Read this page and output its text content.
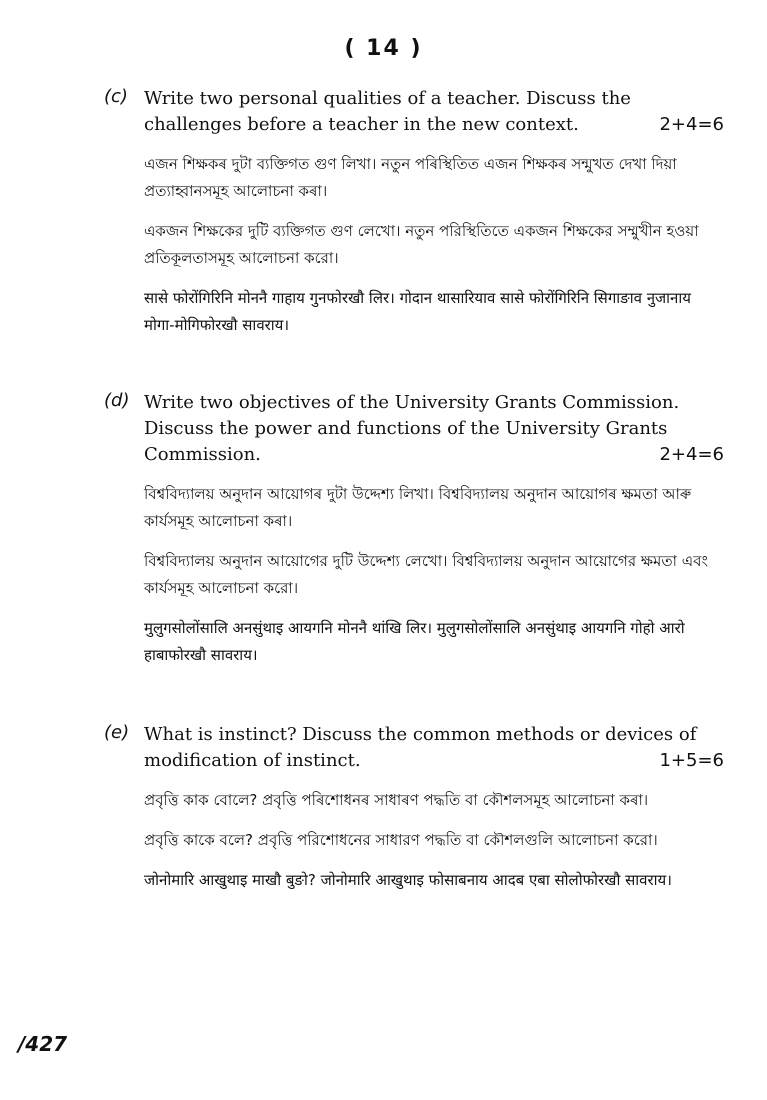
( 14 )
(c) Write two personal qualities of a teacher. Discuss the challenges before a teacher in the new context.	2+4=6

এজন শিক্ষকৰ দুটা ব্যক্তিগত গুণ লিখা। নতুন পৰিস্থিতিত এজন শিক্ষকৰ সন্মুখত দেখা দিয়া প্ৰত্যাহ্বানসমূহ আলোচনা কৰা।

একজন শিক্ষকের দুটি ব্যক্তিগত গুণ লেখো। নতুন পরিস্থিতিতে একজন শিক্ষকের সম্মুখীন হওয়া প্রতিকূলতাসমূহ আলোচনা করো।

सासे फोरोंगिरिनि मोननै गाहाय गुनफोरखौ लिर। गोदान थासारियाव सासे फोरोंगिरिनि सिगाङाव नुजानाय मोगा-मोगिफोरखौ सावराय।

(d) Write two objectives of the University Grants Commission. Discuss the power and functions of the University Grants Commission.	2+4=6

বিশ্ববিদ্যালয় অনুদান আয়োগৰ দুটা উদ্দেশ্য লিখা। বিশ্ববিদ্যালয় অনুদান আয়োগৰ ক্ষমতা আৰু কাৰ্যসমূহ আলোচনা কৰা।

বিশ্ববিদ্যালয় অনুদান আয়োগের দুটি উদ্দেশ্য লেখো। বিশ্ববিদ্যালয় অনুদান আয়োগের ক্ষমতা এবং কার্যসমূহ আলোচনা করো।

मुलुगसोलोंसालि अनसुंथाइ आयगनि मोननै थांखि लिर। मुलुगसोलोंसालि अनसुंथाइ आयगनि गोहो आरो हाबाफोरखौ सावराय।

(e) What is instinct? Discuss the common methods or devices of modification of instinct.	1+5=6

প্ৰবৃত্তি কাক বোলে? প্ৰবৃত্তি পৰিশোধনৰ সাধাৰণ পদ্ধতি বা কৌশলসমূহ আলোচনা কৰা।

প্রবৃত্তি কাকে বলে? প্রবৃত্তি পরিশোধনের সাধারণ পদ্ধতি বা কৌশলগুলি আলোচনা করো।

जोनोमारि आखुथाइ माखौ बुङो? जोनोमारि आखुथाइ फोसाबनाय आदब एबा सोलोफोरखौ सावराय।

/427
